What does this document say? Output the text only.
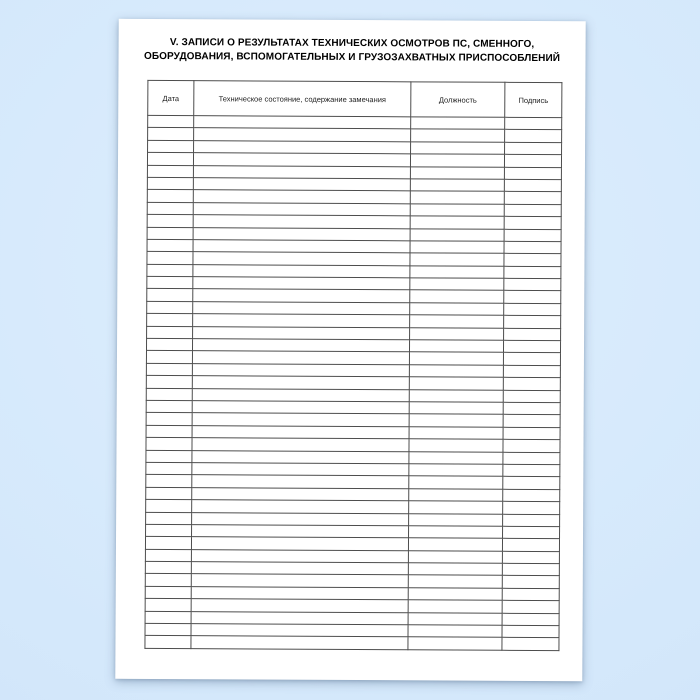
V. ЗАПИСИ О РЕЗУЛЬТАТАХ ТЕХНИЧЕСКИХ ОСМОТРОВ ПС, СМЕННОГО,
ОБОРУДОВАНИЯ, ВСПОМОГАТЕЛЬНЫХ И ГРУЗОЗАХВАТНЫХ ПРИСПОСОБЛЕНИЙ
Дата	Техническое состояние, содержание замечания	Должность	Подпись
